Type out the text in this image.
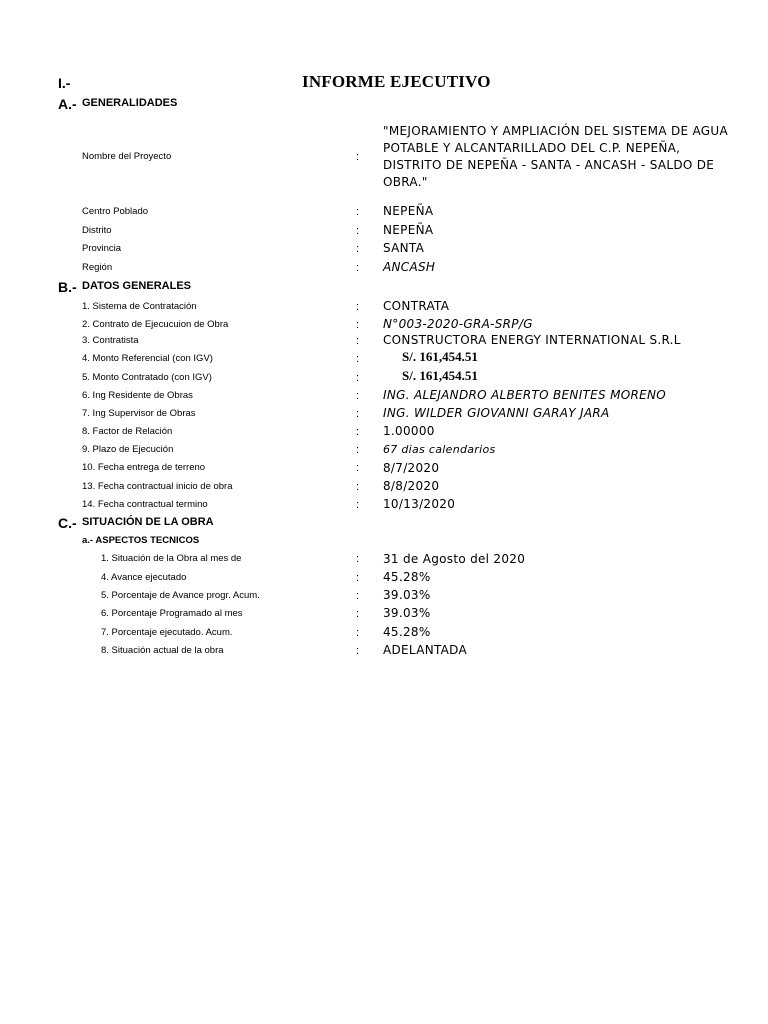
I.-	INFORME EJECUTIVO
A.- GENERALIDADES
Nombre del Proyecto	:
"MEJORAMIENTO Y AMPLIACIÓN DEL SISTEMA DE AGUA POTABLE Y ALCANTARILLADO DEL C.P. NEPEÑA, DISTRITO DE NEPEÑA - SANTA - ANCASH - SALDO DE OBRA."
Centro Poblado	: NEPEÑA
Distrito	: NEPEÑA
Provincia	: SANTA
Región	: ANCASH
B.- DATOS GENERALES
1. Sistema de Contratación	: CONTRATA
2. Contrato de Ejecucuion de Obra	: N°003-2020-GRA-SRP/G
3. Contratista	: CONSTRUCTORA ENERGY INTERNATIONAL S.R.L
4. Monto Referencial (con IGV)	:	S/. 161,454.51
5. Monto Contratado (con IGV)	:	S/. 161,454.51
6. Ing Residente de Obras	: ING. ALEJANDRO ALBERTO BENITES MORENO
7. Ing Supervisor de Obras	: ING. WILDER GIOVANNI GARAY JARA
8. Factor de Relación	: 1.00000
9. Plazo de Ejecución	: 67 dias calendarios
10. Fecha entrega de terreno	: 8/7/2020
13. Fecha contractual inicio de obra	: 8/8/2020
14. Fecha contractual termino	: 10/13/2020
C.- SITUACIÓN DE LA OBRA
a.- ASPECTOS TECNICOS
1. Situación de la Obra al mes de	: 31 de Agosto del 2020
4. Avance ejecutado	: 45.28%
5. Porcentaje de Avance progr. Acum.	: 39.03%
6. Porcentaje Programado al mes	: 39.03%
7. Porcentaje ejecutado. Acum.	: 45.28%
8. Situación actual de la obra	: ADELANTADA
